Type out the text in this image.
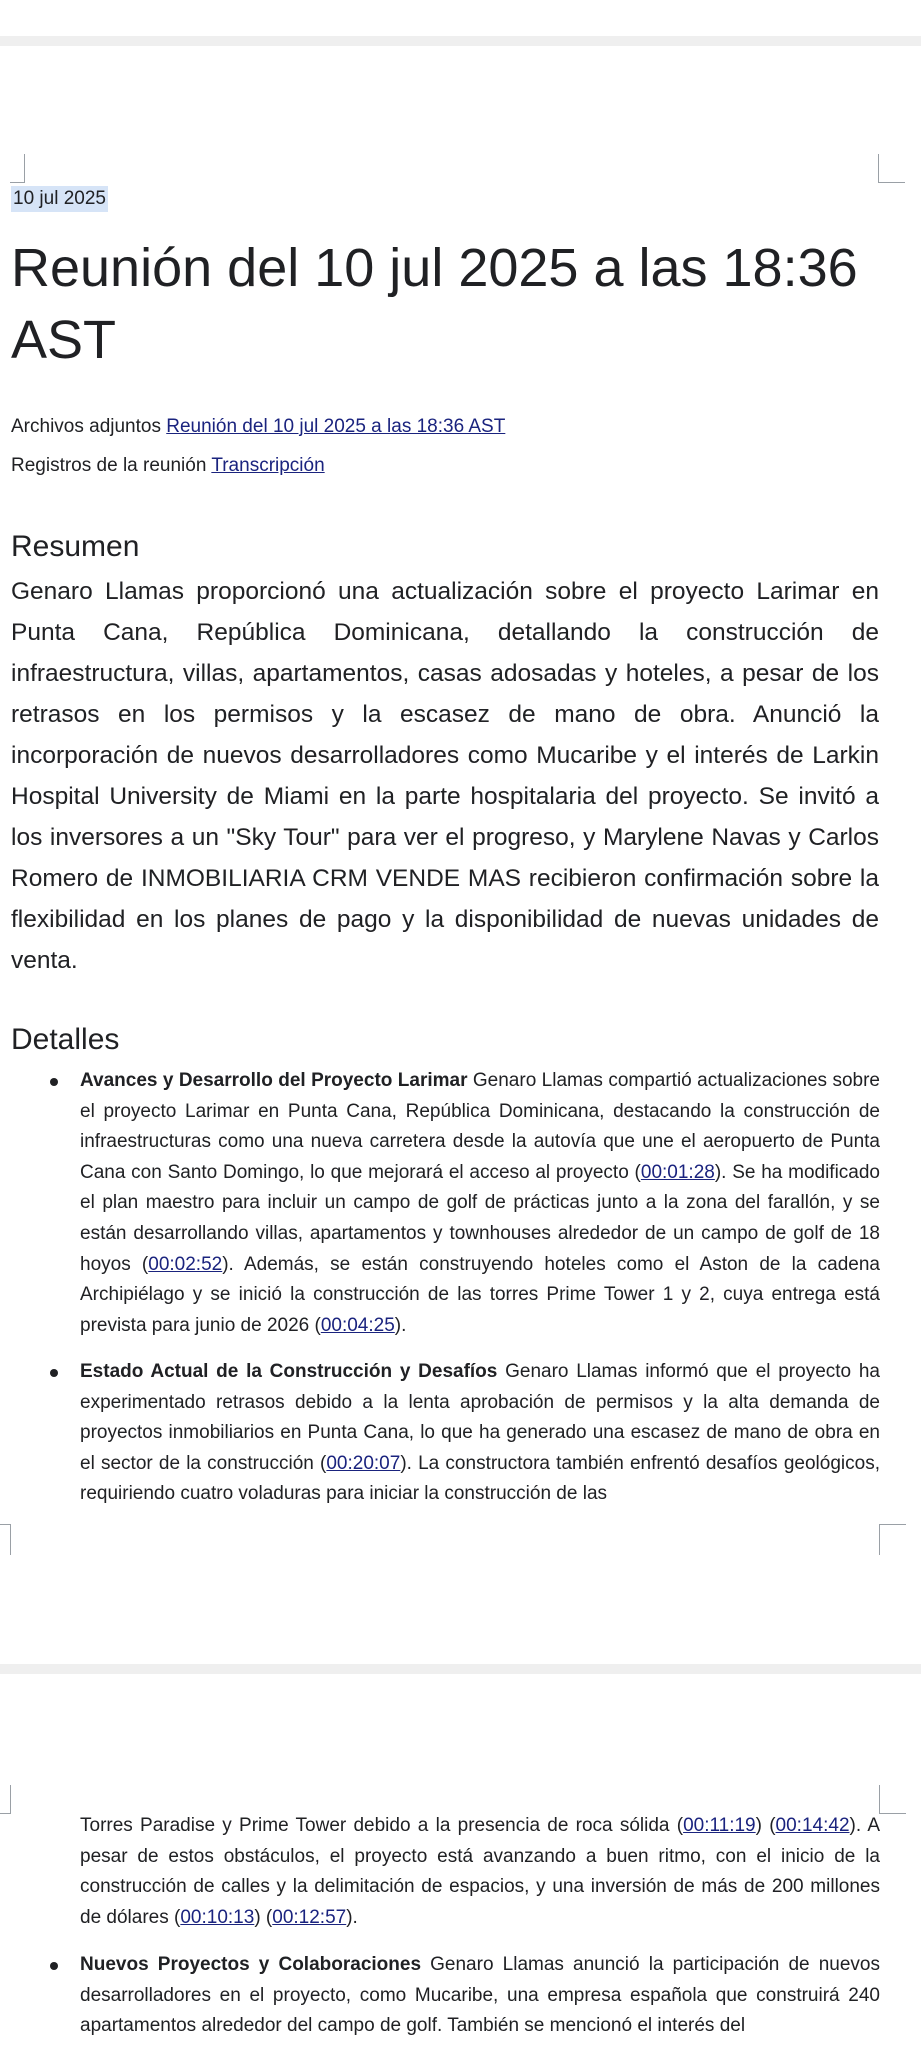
10 jul 2025
Reunión del 10 jul 2025 a las 18:36 AST
Archivos adjuntos Reunión del 10 jul 2025 a las 18:36 AST
Registros de la reunión Transcripción
Resumen

Genaro Llamas proporcionó una actualización sobre el proyecto Larimar en Punta Cana, República Dominicana, detallando la construcción de infraestructura, villas, apartamentos, casas adosadas y hoteles, a pesar de los retrasos en los permisos y la escasez de mano de obra. Anunció la incorporación de nuevos desarrolladores como Mucaribe y el interés de Larkin Hospital University de Miami en la parte hospitalaria del proyecto. Se invitó a los inversores a un "Sky Tour" para ver el progreso, y Marylene Navas y Carlos Romero de INMOBILIARIA CRM VENDE MAS recibieron confirmación sobre la flexibilidad en los planes de pago y la disponibilidad de nuevas unidades de venta.

Detalles

Avances y Desarrollo del Proyecto Larimar Genaro Llamas compartió actualizaciones sobre el proyecto Larimar en Punta Cana, República Dominicana, destacando la construcción de infraestructuras como una nueva carretera desde la autovía que une el aeropuerto de Punta Cana con Santo Domingo, lo que mejorará el acceso al proyecto (00:01:28). Se ha modificado el plan maestro para incluir un campo de golf de prácticas junto a la zona del farallón, y se están desarrollando villas, apartamentos y townhouses alrededor de un campo de golf de 18 hoyos (00:02:52). Además, se están construyendo hoteles como el Aston de la cadena Archipiélago y se inició la construcción de las torres Prime Tower 1 y 2, cuya entrega está prevista para junio de 2026 (00:04:25).

Estado Actual de la Construcción y Desafíos Genaro Llamas informó que el proyecto ha experimentado retrasos debido a la lenta aprobación de permisos y la alta demanda de proyectos inmobiliarios en Punta Cana, lo que ha generado una escasez de mano de obra en el sector de la construcción (00:20:07). La constructora también enfrentó desafíos geológicos, requiriendo cuatro voladuras para iniciar la construcción de las

Torres Paradise y Prime Tower debido a la presencia de roca sólida (00:11:19) (00:14:42). A pesar de estos obstáculos, el proyecto está avanzando a buen ritmo, con el inicio de la construcción de calles y la delimitación de espacios, y una inversión de más de 200 millones de dólares (00:10:13) (00:12:57).

Nuevos Proyectos y Colaboraciones Genaro Llamas anunció la participación de nuevos desarrolladores en el proyecto, como Mucaribe, una empresa española que construirá 240 apartamentos alrededor del campo de golf. También se mencionó el interés del
